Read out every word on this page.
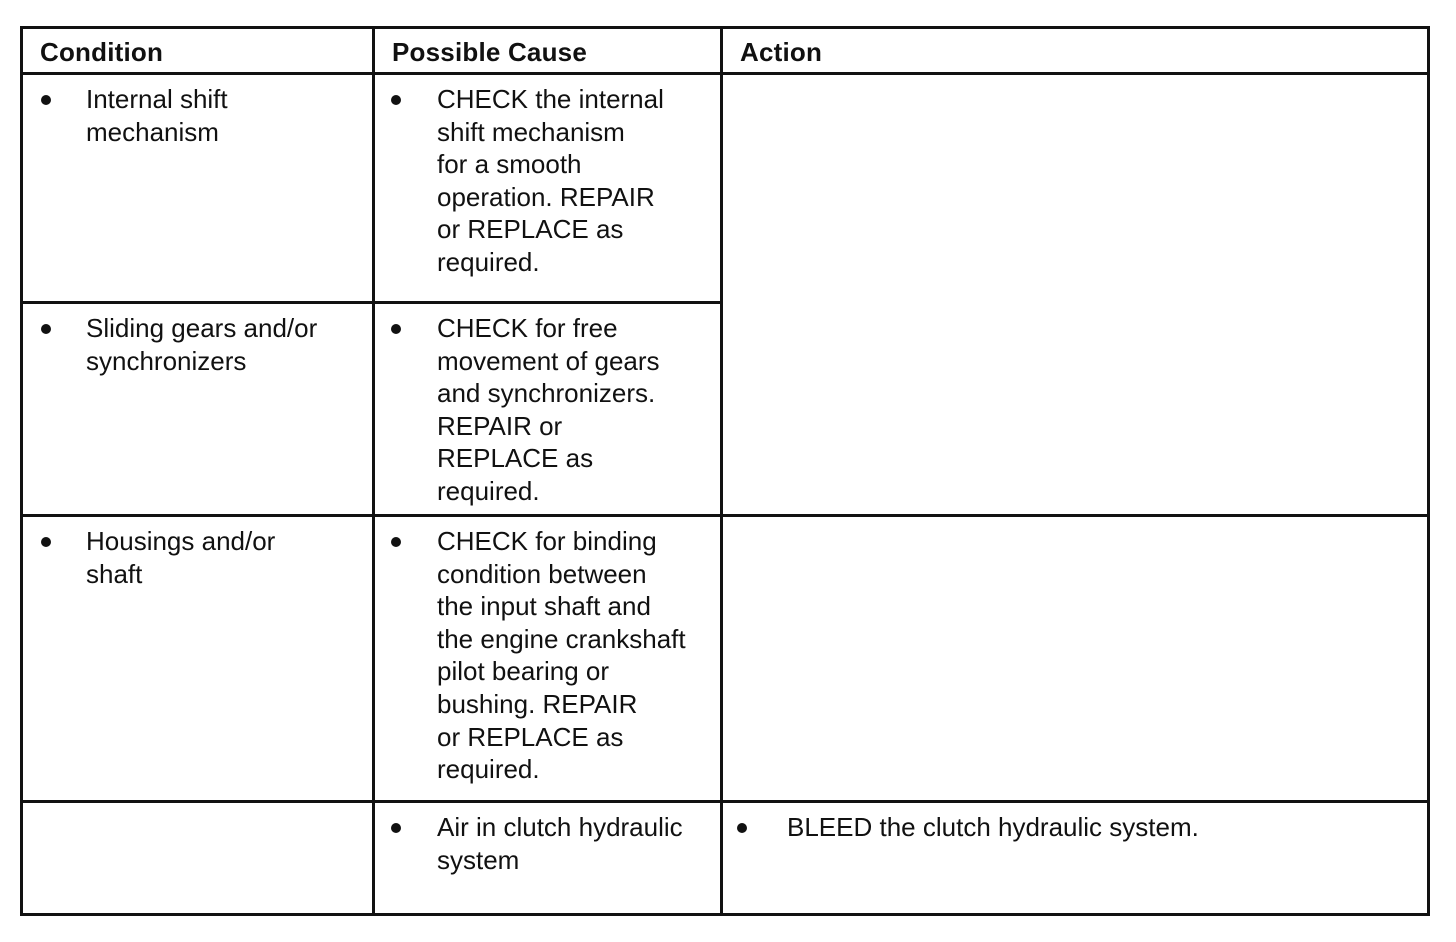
Condition	Possible Cause	Action
Internal shift
mechanism
CHECK the internal
shift mechanism
for a smooth
operation. REPAIR
or REPLACE as
required.
Sliding gears and/or
synchronizers
CHECK for free
movement of gears
and synchronizers.
REPAIR or
REPLACE as
required.
Housings and/or
shaft
CHECK for binding
condition between
the input shaft and
the engine crankshaft
pilot bearing or
bushing. REPAIR
or REPLACE as
required.
Air in clutch hydraulic
system
BLEED the clutch hydraulic system.
